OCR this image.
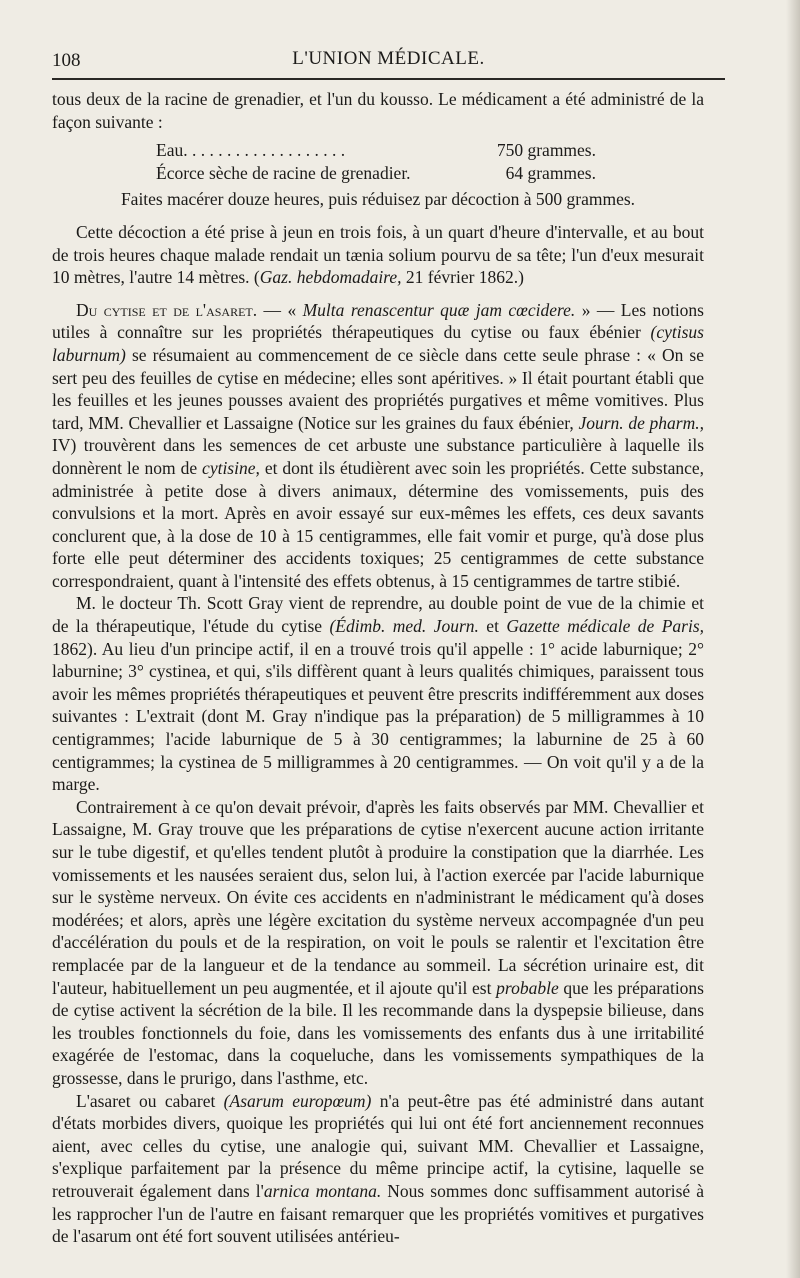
108	L'UNION MÉDICALE.

tous deux de la racine de grenadier, et l'un du kousso. Le médicament a été administré de la façon suivante :

Eau. . . . . . . . . . . . . . . . . . .	750 grammes.
Écorce sèche de racine de grenadier.	64 grammes.

Faites macérer douze heures, puis réduisez par décoction à 500 grammes.

Cette décoction a été prise à jeun en trois fois, à un quart d'heure d'intervalle, et au bout de trois heures chaque malade rendait un tænia solium pourvu de sa tête; l'un d'eux mesurait 10 mètres, l'autre 14 mètres. (Gaz. hebdomadaire, 21 février 1862.)

Du cytise et de l'asaret. — « Multa renascentur quæ jam cœcidere. » — Les notions utiles à connaître sur les propriétés thérapeutiques du cytise ou faux ébénier (cytisus laburnum) se résumaient au commencement de ce siècle dans cette seule phrase : « On se sert peu des feuilles de cytise en médecine; elles sont apéritives. » Il était pourtant établi que les feuilles et les jeunes pousses avaient des propriétés purgatives et même vomitives. Plus tard, MM. Chevallier et Lassaigne (Notice sur les graines du faux ébénier, Journ. de pharm., IV) trouvèrent dans les semences de cet arbuste une substance particulière à laquelle ils donnèrent le nom de cytisine, et dont ils étudièrent avec soin les propriétés. Cette substance, administrée à petite dose à divers animaux, détermine des vomissements, puis des convulsions et la mort. Après en avoir essayé sur eux-mêmes les effets, ces deux savants conclurent que, à la dose de 10 à 15 centigrammes, elle fait vomir et purge, qu'à dose plus forte elle peut déterminer des accidents toxiques; 25 centigrammes de cette substance correspondraient, quant à l'intensité des effets obtenus, à 15 centigrammes de tartre stibié.

M. le docteur Th. Scott Gray vient de reprendre, au double point de vue de la chimie et de la thérapeutique, l'étude du cytise (Édimb. med. Journ. et Gazette médicale de Paris, 1862). Au lieu d'un principe actif, il en a trouvé trois qu'il appelle : 1° acide laburnique; 2° laburnine; 3° cystinea, et qui, s'ils diffèrent quant à leurs qualités chimiques, paraissent tous avoir les mêmes propriétés thérapeutiques et peuvent être prescrits indifféremment aux doses suivantes : L'extrait (dont M. Gray n'indique pas la préparation) de 5 milligrammes à 10 centigrammes; l'acide laburnique de 5 à 30 centigrammes; la laburnine de 25 à 60 centigrammes; la cystinea de 5 milligrammes à 20 centigrammes. — On voit qu'il y a de la marge.

Contrairement à ce qu'on devait prévoir, d'après les faits observés par MM. Chevallier et Lassaigne, M. Gray trouve que les préparations de cytise n'exercent aucune action irritante sur le tube digestif, et qu'elles tendent plutôt à produire la constipation que la diarrhée. Les vomissements et les nausées seraient dus, selon lui, à l'action exercée par l'acide laburnique sur le système nerveux. On évite ces accidents en n'administrant le médicament qu'à doses modérées; et alors, après une légère excitation du système nerveux accompagnée d'un peu d'accélération du pouls et de la respiration, on voit le pouls se ralentir et l'excitation être remplacée par de la langueur et de la tendance au sommeil. La sécrétion urinaire est, dit l'auteur, habituellement un peu augmentée, et il ajoute qu'il est probable que les préparations de cytise activent la sécrétion de la bile. Il les recommande dans la dyspepsie bilieuse, dans les troubles fonctionnels du foie, dans les vomissements des enfants dus à une irritabilité exagérée de l'estomac, dans la coqueluche, dans les vomissements sympathiques de la grossesse, dans le prurigo, dans l'asthme, etc.

L'asaret ou cabaret (Asarum europœum) n'a peut-être pas été administré dans autant d'états morbides divers, quoique les propriétés qui lui ont été fort anciennement reconnues aient, avec celles du cytise, une analogie qui, suivant MM. Chevallier et Lassaigne, s'explique parfaitement par la présence du même principe actif, la cytisine, laquelle se retrouverait également dans l'arnica montana. Nous sommes donc suffisamment autorisé à les rapprocher l'un de l'autre en faisant remarquer que les propriétés vomitives et purgatives de l'asarum ont été fort souvent utilisées antérieu-
